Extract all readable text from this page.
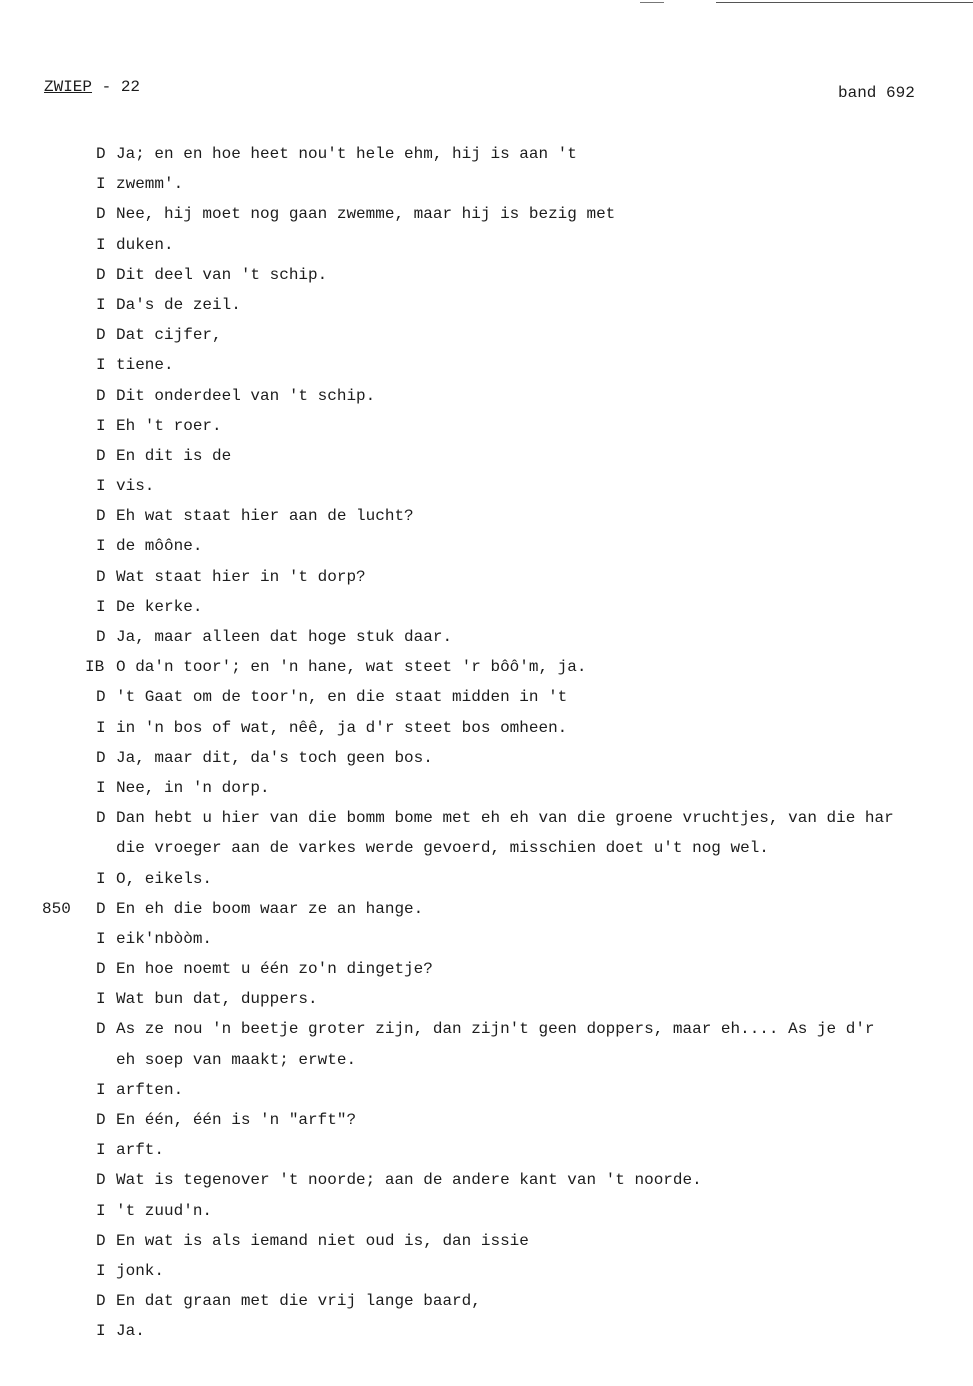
ZWIEP - 22	band 692
D Ja; en en hoe heet nou't hele ehm, hij is aan 't
I zwemm'.
D Nee, hij moet nog gaan zwemme, maar hij is bezig met
I duken.
D Dit deel van 't schip.
I Da's de zeil.
D Dat cijfer,
I tiene.
D Dit onderdeel van 't schip.
I Eh 't roer.
D En dit is de
I vis.
D Eh wat staat hier aan de lucht?
I de môône.
D Wat staat hier in 't dorp?
I De kerke.
D Ja, maar alleen dat hoge stuk daar.
IB O da'n toor'; en 'n hane, wat steet 'r bôô'm, ja.
D 't Gaat om de toor'n, en die staat midden in 't
I in 'n bos of wat, nêê, ja d'r steet bos omheen.
D Ja, maar dit, da's toch geen bos.
I Nee, in 'n dorp.
D Dan hebt u hier van die bomm bome met eh eh van die groene vruchtjes, van die har
die vroeger aan de varkes werde gevoerd, misschien doet u't nog wel.
I O, eikels.
850 D En eh die boom waar ze an hange.
I eik'nbòòm.
D En hoe noemt u één zo'n dingetje?
I Wat bun dat, duppers.
D As ze nou 'n beetje groter zijn, dan zijn't geen doppers, maar eh.... As je d'r
eh soep van maakt; erwte.
I arften.
D En één, één is 'n "arft"?
I arft.
D Wat is tegenover 't noorde; aan de andere kant van 't noorde.
I 't zuud'n.
D En wat is als iemand niet oud is, dan issie
I jonk.
D En dat graan met die vrij lange baard,
I Ja.
